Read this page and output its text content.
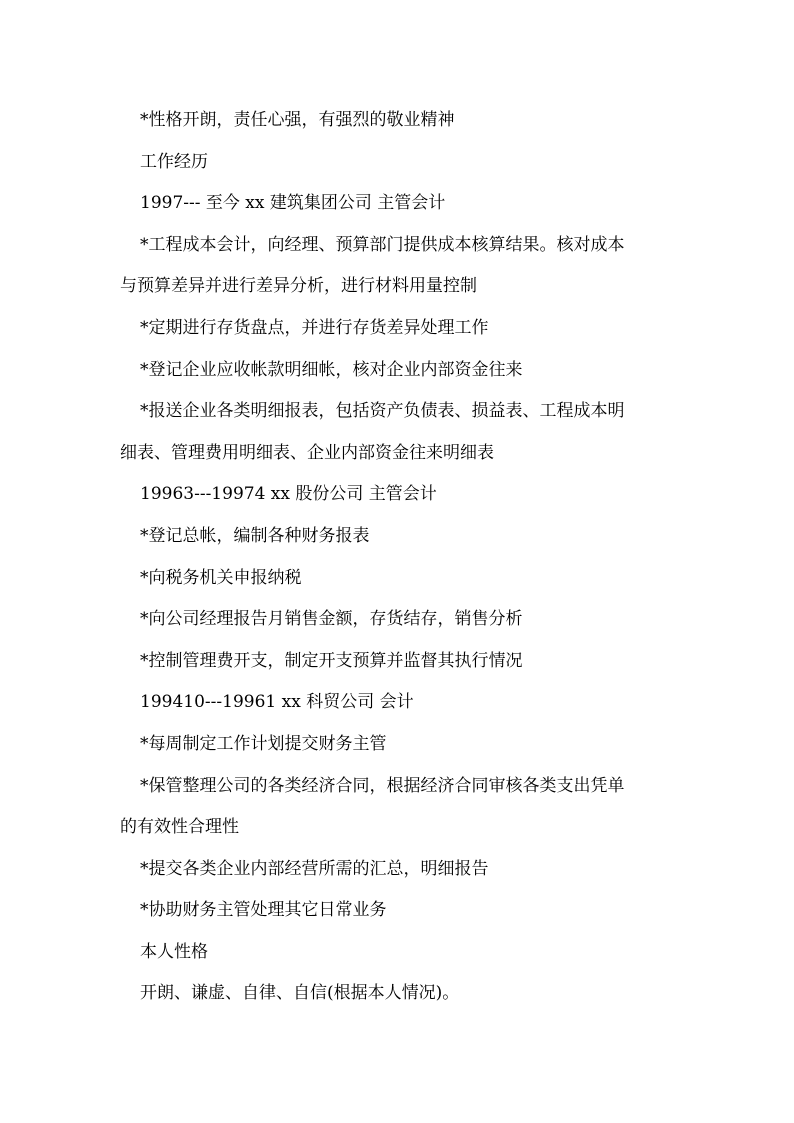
*性格开朗，责任心强，有强烈的敬业精神
工作经历
1997--- 至今 xx 建筑集团公司 主管会计
*工程成本会计，向经理、预算部门提供成本核算结果。核对成本
与预算差异并进行差异分析，进行材料用量控制
*定期进行存货盘点，并进行存货差异处理工作
*登记企业应收帐款明细帐，核对企业内部资金往来
*报送企业各类明细报表，包括资产负债表、损益表、工程成本明
细表、管理费用明细表、企业内部资金往来明细表
19963---19974 xx 股份公司 主管会计
*登记总帐，编制各种财务报表
*向税务机关申报纳税
*向公司经理报告月销售金额，存货结存，销售分析
*控制管理费开支，制定开支预算并监督其执行情况
199410---19961 xx 科贸公司 会计
*每周制定工作计划提交财务主管
*保管整理公司的各类经济合同，根据经济合同审核各类支出凭单
的有效性合理性
*提交各类企业内部经营所需的汇总，明细报告
*协助财务主管处理其它日常业务
本人性格
开朗、谦虚、自律、自信(根据本人情况)。
